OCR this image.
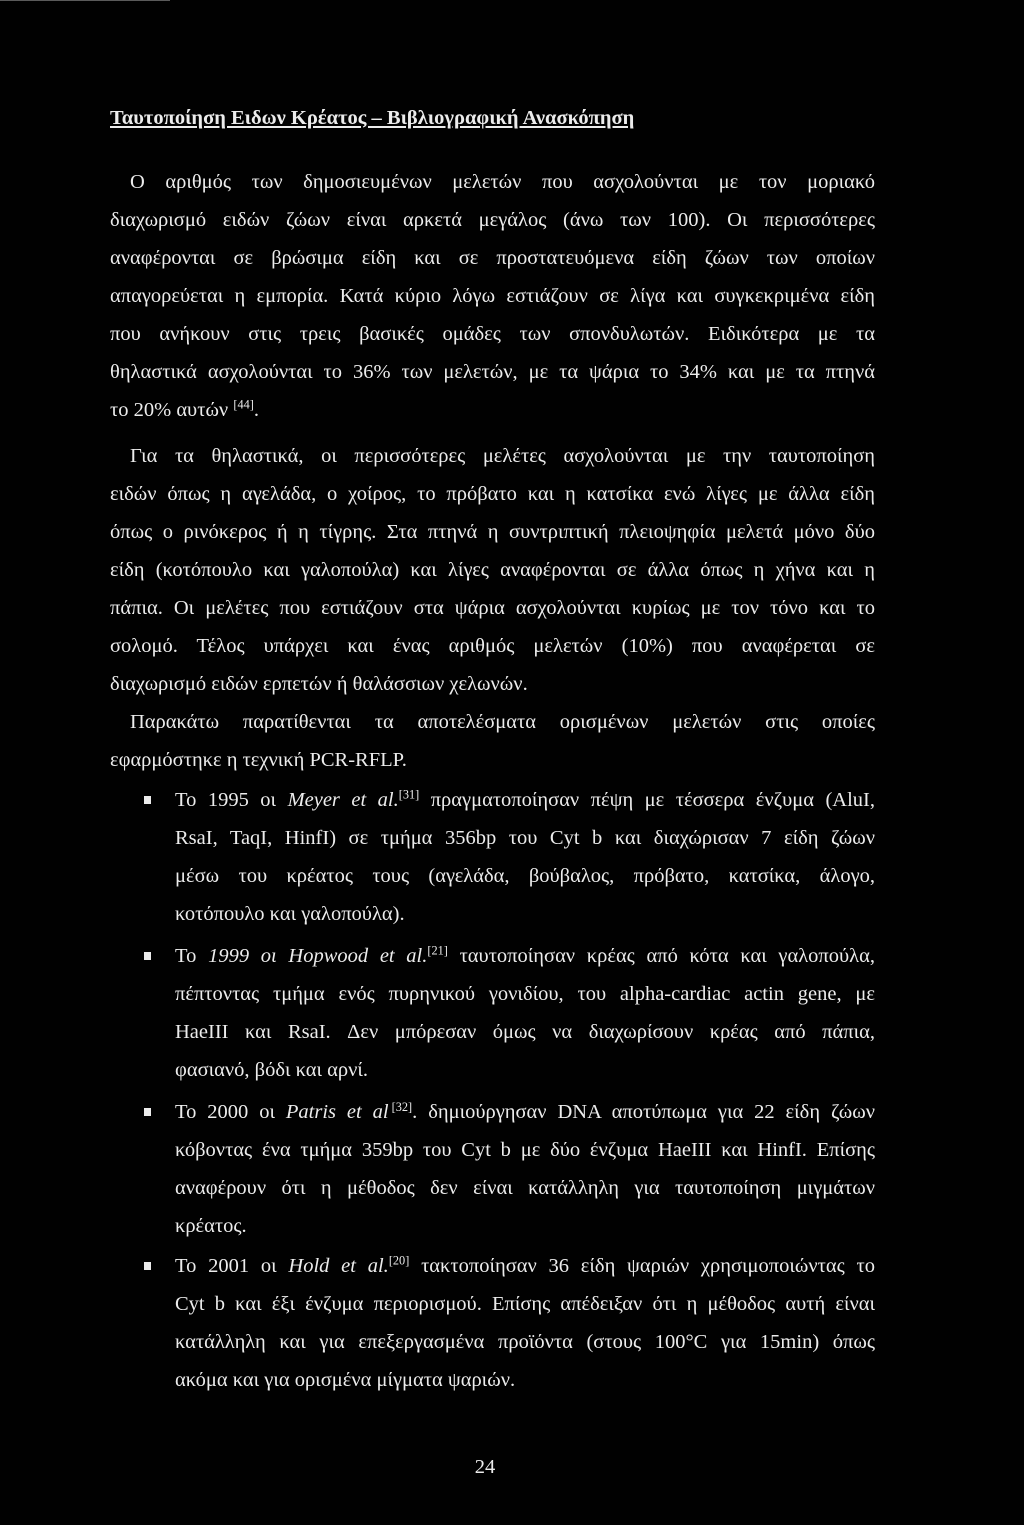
Ταυτοποίηση Ειδων Κρέατος – Βιβλιογραφική Ανασκόπηση
Ο αριθμός των δημοσιευμένων μελετών που ασχολούνται με τον μοριακό
διαχωρισμό ειδών ζώων είναι αρκετά μεγάλος (άνω των 100). Οι περισσότερες
αναφέρονται σε βρώσιμα είδη και σε προστατευόμενα είδη ζώων των οποίων
απαγορεύεται η εμπορία. Κατά κύριο λόγω εστιάζουν σε λίγα και συγκεκριμένα είδη
που ανήκουν στις τρεις βασικές ομάδες των σπονδυλωτών. Ειδικότερα με τα
θηλαστικά ασχολούνται το 36% των μελετών, με τα ψάρια το 34% και με τα πτηνά
το 20% αυτών [44].
Για τα θηλαστικά, οι περισσότερες μελέτες ασχολούνται με την ταυτοποίηση
ειδών όπως η αγελάδα, ο χοίρος, το πρόβατο και η κατσίκα ενώ λίγες με άλλα είδη
όπως ο ρινόκερος ή η τίγρης. Στα πτηνά η συντριπτική πλειοψηφία μελετά μόνο δύο
είδη (κοτόπουλο και γαλοπούλα) και λίγες αναφέρονται σε άλλα όπως η χήνα και η
πάπια. Οι μελέτες που εστιάζουν στα ψάρια ασχολούνται κυρίως με τον τόνο και το
σολομό. Τέλος υπάρχει και ένας αριθμός μελετών (10%) που αναφέρεται σε
διαχωρισμό ειδών ερπετών ή θαλάσσιων χελωνών.
Παρακάτω παρατίθενται τα αποτελέσματα ορισμένων μελετών στις οποίες
εφαρμόστηκε η τεχνική PCR-RFLP.
Το 1995 οι Meyer et al.[31] πραγματοποίησαν πέψη με τέσσερα ένζυμα (AluI,
RsaI, TaqI, HinfI) σε τμήμα 356bp του Cyt b και διαχώρισαν 7 είδη ζώων
μέσω του κρέατος τους (αγελάδα, βούβαλος, πρόβατο, κατσίκα, άλογο,
κοτόπουλο και γαλοπούλα).
Το 1999 οι Hopwood et al.[21] ταυτοποίησαν κρέας από κότα και γαλοπούλα,
πέπτοντας τμήμα ενός πυρηνικού γονιδίου, του alpha-cardiac actin gene, με
HaeIII και RsaI. Δεν μπόρεσαν όμως να διαχωρίσουν κρέας από πάπια,
φασιανό, βόδι και αρνί.
Το 2000 οι Patris et al [32]. δημιούργησαν DNA αποτύπωμα για 22 είδη ζώων
κόβοντας ένα τμήμα 359bp του Cyt b με δύο ένζυμα HaeIII και HinfI. Επίσης
αναφέρουν ότι η μέθοδος δεν είναι κατάλληλη για ταυτοποίηση μιγμάτων
κρέατος.
Το 2001 οι Hold et al.[20] τακτοποίησαν 36 είδη ψαριών χρησιμοποιώντας το
Cyt b και έξι ένζυμα περιορισμού. Επίσης απέδειξαν ότι η μέθοδος αυτή είναι
κατάλληλη και για επεξεργασμένα προϊόντα (στους 100°C για 15min) όπως
ακόμα και για ορισμένα μίγματα ψαριών.
24
